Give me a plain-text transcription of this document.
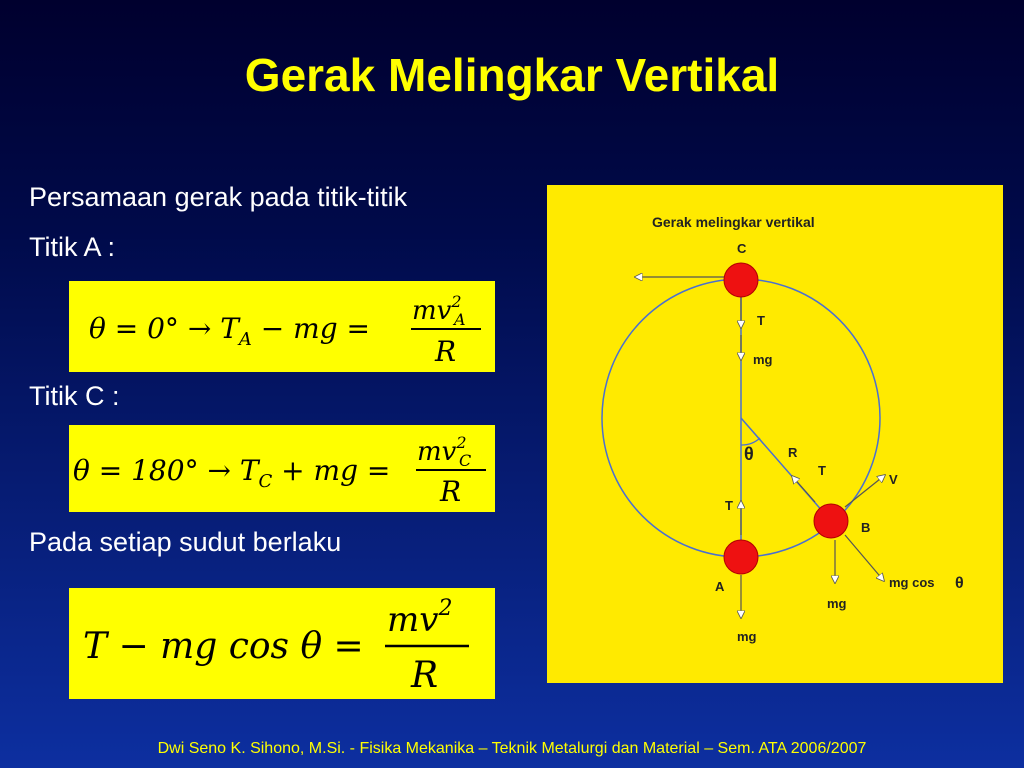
Gerak Melingkar Vertikal
Persamaan gerak pada titik-titik
Titik A :
$\theta = 0^\circ \to T_A$ − mg =
$mv^2$
A
R
Titik C :
$\theta = 180^\circ \to T_C$ + mg =
$mv^2$
C
R
Pada setiap sudut berlaku
T − mg cos θ =
$mv^2$
R
Gerak melingkar vertikal
C
T
mg
θ	R
T
V
T
B
A	mg cos θ
mg
mg
Dwi Seno K. Sihono, M.Si. - Fisika Mekanika – Teknik Metalurgi dan Material – Sem. ATA 2006/2007
